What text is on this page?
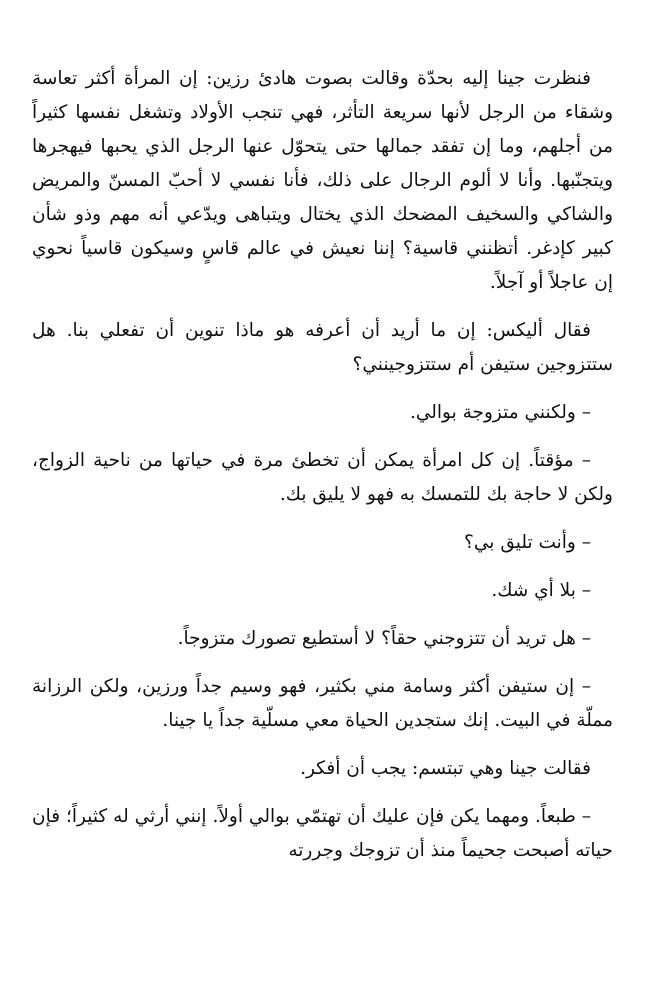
فنظرت جينا إليه بحدّة وقالت بصوت هادئ رزين: إن المرأة أكثر تعاسة وشقاء من الرجل لأنها سريعة التأثر، فهي تنجب الأولاد وتشغل نفسها كثيراً من أجلهم، وما إن تفقد جمالها حتى يتحوّل عنها الرجل الذي يحبها فيهجرها ويتجنّبها. وأنا لا ألوم الرجال على ذلك، فأنا نفسي لا أحبّ المسنّ والمريض والشاكي والسخيف المضحك الذي يختال ويتباهى ويدّعي أنه مهم وذو شأن كبير كإدغر. أتظنني قاسية؟ إننا نعيش في عالم قاسٍ وسيكون قاسياً نحوي إن عاجلاً أو آجلاً.

فقال أليكس: إن ما أريد أن أعرفه هو ماذا تنوين أن تفعلي بنا. هل ستتزوجين ستيفن أم ستتزوجينني؟

– ولكنني متزوجة بوالي.

– مؤقتاً. إن كل امرأة يمكن أن تخطئ مرة في حياتها من ناحية الزواج، ولكن لا حاجة بك للتمسك به فهو لا يليق بك.

– وأنت تليق بي؟

– بلا أي شك.

– هل تريد أن تتزوجني حقاً؟ لا أستطيع تصورك متزوجاً.

– إن ستيفن أكثر وسامة مني بكثير، فهو وسيم جداً ورزين، ولكن الرزانة مملّة في البيت. إنك ستجدين الحياة معي مسلّية جداً يا جينا.

فقالت جينا وهي تبتسم: يجب أن أفكر.

– طبعاً. ومهما يكن فإن عليك أن تهتمّي بوالي أولاً. إنني أرثي له كثيراً؛ فإن حياته أصبحت جحيماً منذ أن تزوجك وجررته
